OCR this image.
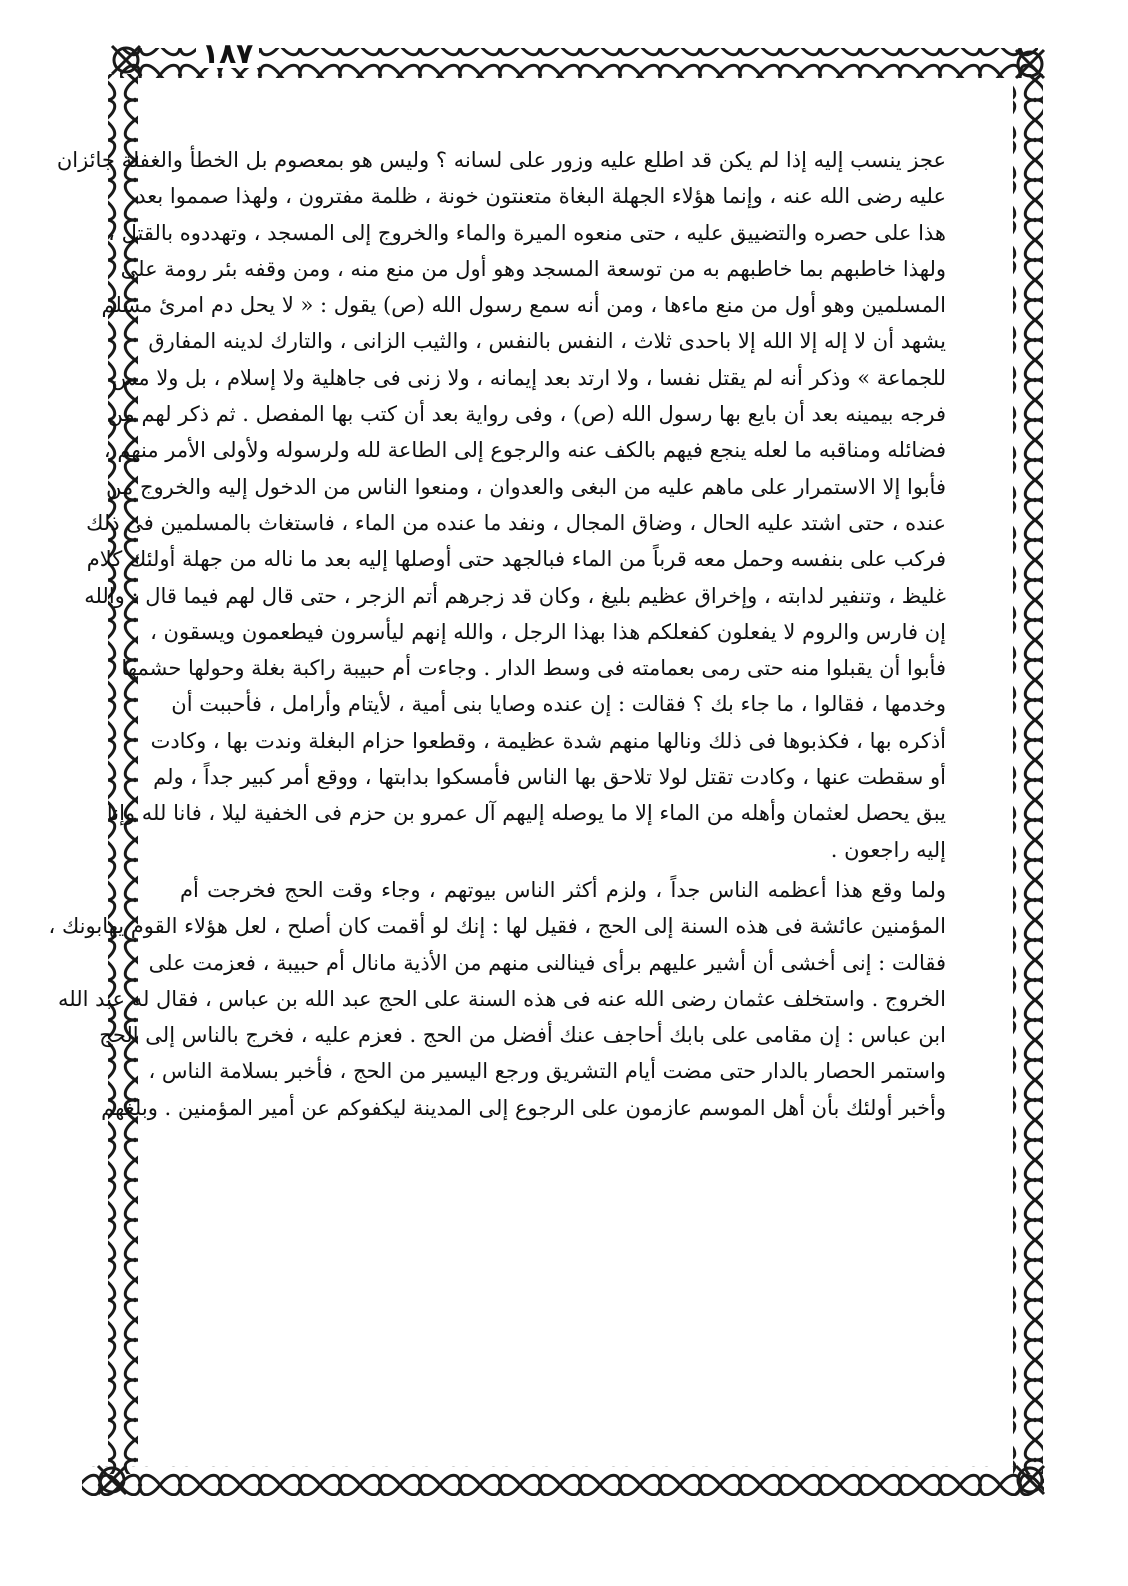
١٨٧
عجز ينسب إليه إذا لم يكن قد اطلع عليه وزور على لسانه ؟ وليس هو بمعصوم بل الخطأ والغفلة جائزان
عليه رضى الله عنه ، وإنما هؤلاء الجهلة البغاة متعنتون خونة ، ظلمة مفترون ، ولهذا صمموا بعد
هذا على حصره والتضييق عليه ، حتى منعوه الميرة والماء والخروج إلى المسجد ، وتهددوه بالقتل ،
ولهذا خاطبهم بما خاطبهم به من توسعة المسجد وهو أول من منع منه ، ومن وقفه بئر رومة على
المسلمين وهو أول من منع ماءها ، ومن أنه سمع رسول الله (ص) يقول : « لا يحل دم امرئ مسلم
يشهد أن لا إله إلا الله إلا باحدى ثلاث ، النفس بالنفس ، والثيب الزانى ، والتارك لدينه المفارق
للجماعة » وذكر أنه لم يقتل نفسا ، ولا ارتد بعد إيمانه ، ولا زنى فى جاهلية ولا إسلام ، بل ولا مس
فرجه بيمينه بعد أن بايع بها رسول الله (ص) ، وفى رواية بعد أن كتب بها المفصل . ثم ذكر لهم من
فضائله ومناقبه ما لعله ينجع فيهم بالكف عنه والرجوع إلى الطاعة لله ولرسوله ولأولى الأمر منهم ،
فأبوا إلا الاستمرار على ماهم عليه من البغى والعدوان ، ومنعوا الناس من الدخول إليه والخروج من
عنده ، حتى اشتد عليه الحال ، وضاق المجال ، ونفد ما عنده من الماء ، فاستغاث بالمسلمين فى ذلك
فركب على بنفسه وحمل معه قرباً من الماء فبالجهد حتى أوصلها إليه بعد ما ناله من جهلة أولئك كلام
غليظ ، وتنفير لدابته ، وإخراق عظيم بليغ ، وكان قد زجرهم أتم الزجر ، حتى قال لهم فيما قال : والله
إن فارس والروم لا يفعلون كفعلكم هذا بهذا الرجل ، والله إنهم ليأسرون فيطعمون ويسقون ،
فأبوا أن يقبلوا منه حتى رمى بعمامته فى وسط الدار . وجاءت أم حبيبة راكبة بغلة وحولها حشمها
وخدمها ، فقالوا ، ما جاء بك ؟ فقالت : إن عنده وصايا بنى أمية ، لأيتام وأرامل ، فأحببت أن
أذكره بها ، فكذبوها فى ذلك ونالها منهم شدة عظيمة ، وقطعوا حزام البغلة وندت بها ، وكادت
أو سقطت عنها ، وكادت تقتل لولا تلاحق بها الناس فأمسكوا بدابتها ، ووقع أمر كبير جداً ، ولم
يبق يحصل لعثمان وأهله من الماء إلا ما يوصله إليهم آل عمرو بن حزم فى الخفية ليلا ، فانا لله وإنا
إليه راجعون .
ولما وقع هذا أعظمه الناس جداً ، ولزم أكثر الناس بيوتهم ، وجاء وقت الحج فخرجت أم
المؤمنين عائشة فى هذه السنة إلى الحج ، فقيل لها : إنك لو أقمت كان أصلح ، لعل هؤلاء القوم يهابونك ،
فقالت : إنى أخشى أن أشير عليهم برأى فينالنى منهم من الأذية مانال أم حبيبة ، فعزمت على
الخروج . واستخلف عثمان رضى الله عنه فى هذه السنة على الحج عبد الله بن عباس ، فقال له عبد الله
ابن عباس : إن مقامى على بابك أحاجف عنك أفضل من الحج . فعزم عليه ، فخرج بالناس إلى الحج
واستمر الحصار بالدار حتى مضت أيام التشريق ورجع اليسير من الحج ، فأخبر بسلامة الناس ،
وأخبر أولئك بأن أهل الموسم عازمون على الرجوع إلى المدينة ليكفوكم عن أمير المؤمنين . وبلغهم
